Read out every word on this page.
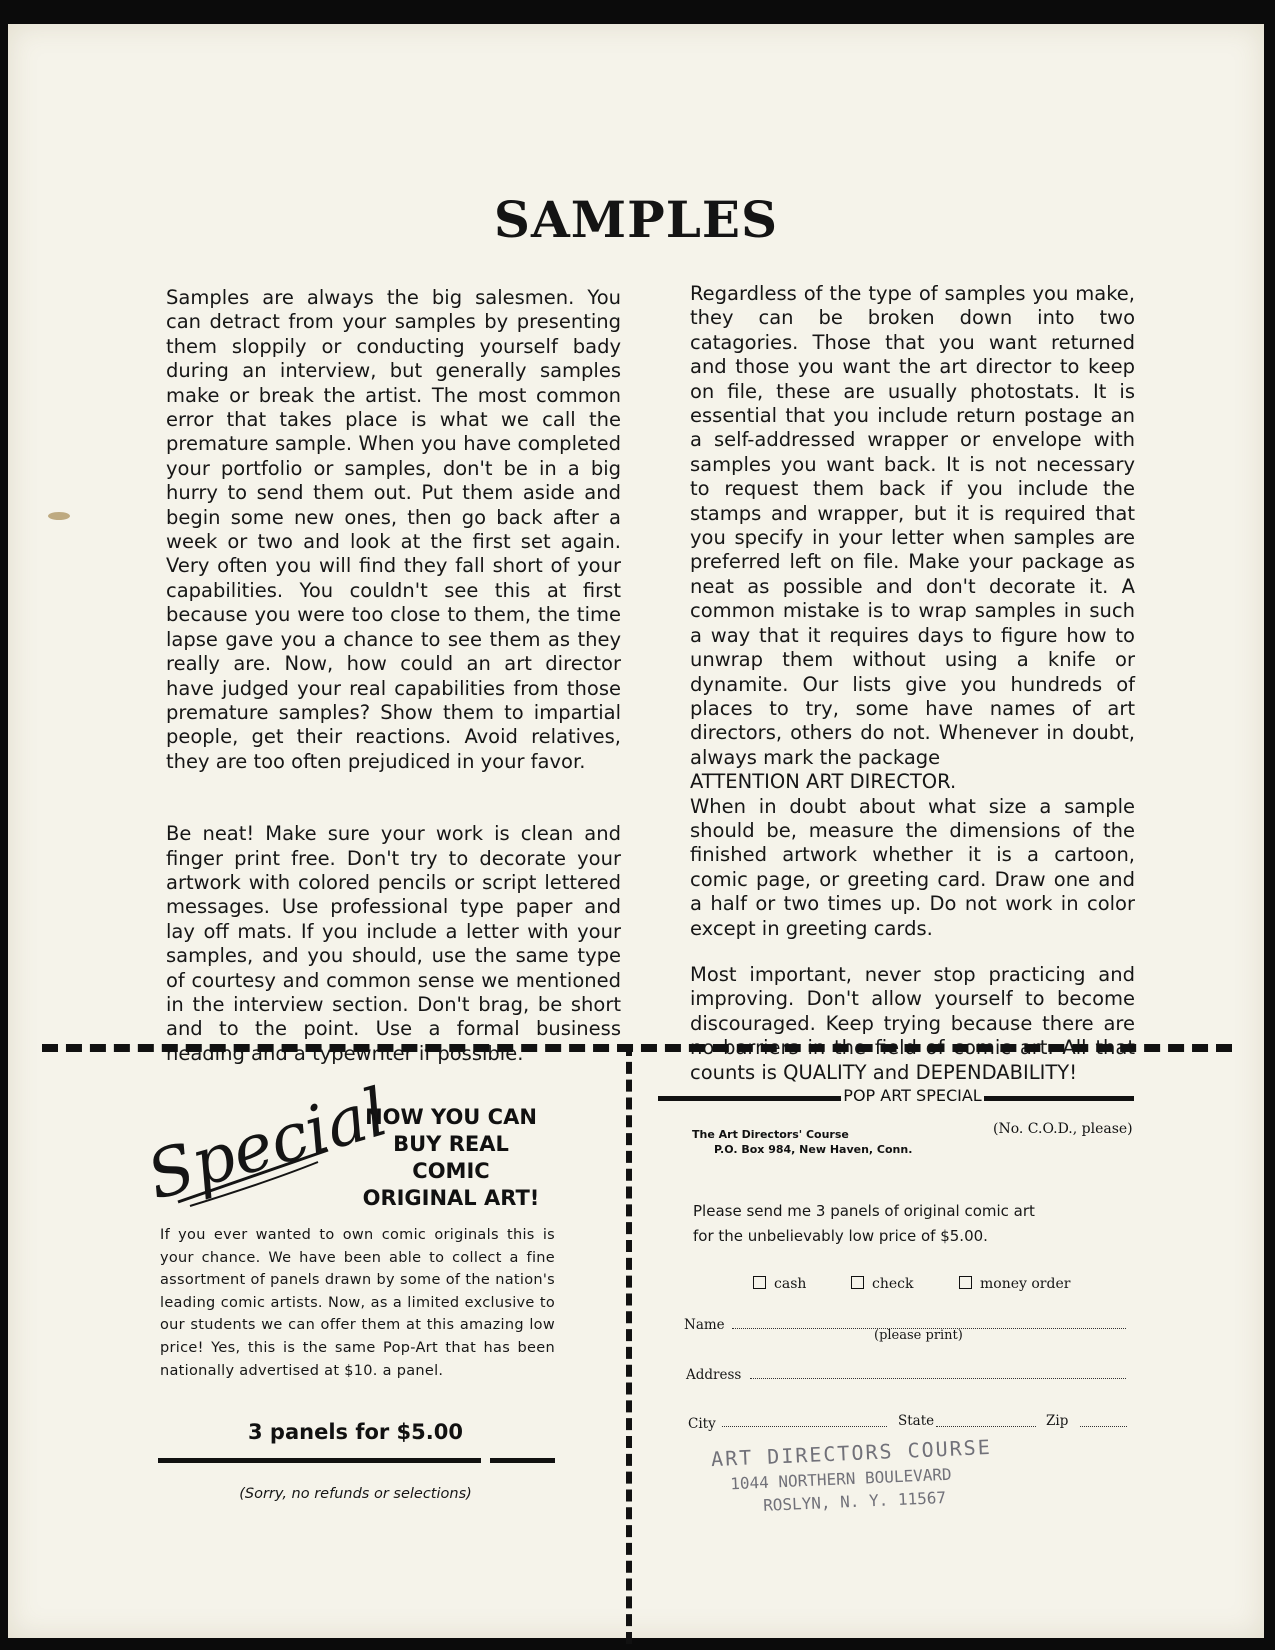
SAMPLES

Samples are always the big salesmen. You can detract from your samples by presenting them sloppily or conducting yourself bady during an interview, but generally samples make or break the artist. The most common error that takes place is what we call the premature sample. When you have completed your portfolio or samples, don't be in a big hurry to send them out. Put them aside and begin some new ones, then go back after a week or two and look at the first set again. Very often you will find they fall short of your capabilities. You couldn't see this at first because you were too close to them, the time lapse gave you a chance to see them as they really are. Now, how could an art director have judged your real capabilities from those premature samples? Show them to impartial people, get their reactions. Avoid relatives, they are too often prejudiced in your favor.

Be neat! Make sure your work is clean and finger print free. Don't try to decorate your artwork with colored pencils or script lettered messages. Use professional type paper and lay off mats. If you include a letter with your samples, and you should, use the same type of courtesy and common sense we mentioned in the interview section. Don't brag, be short and to the point. Use a formal business heading and a typewriter if possible.

Regardless of the type of samples you make, they can be broken down into two catagories. Those that you want returned and those you want the art director to keep on file, these are usually photostats. It is essential that you include return postage an a self-addressed wrapper or envelope with samples you want back. It is not necessary to request them back if you include the stamps and wrapper, but it is required that you specify in your letter when samples are preferred left on file. Make your package as neat as possible and don't decorate it. A common mistake is to wrap samples in such a way that it requires days to figure how to unwrap them without using a knife or dynamite. Our lists give you hundreds of places to try, some have names of art directors, others do not. Whenever in doubt, always mark the package

ATTENTION ART DIRECTOR.

When in doubt about what size a sample should be, measure the dimensions of the finished artwork whether it is a cartoon, comic page, or greeting card. Draw one and a half or two times up. Do not work in color except in greeting cards.

Most important, never stop practicing and improving. Don't allow yourself to become discouraged. Keep trying because there are no barriers in the field of comic art. All that counts is QUALITY and DEPENDABILITY!

Special
NOW YOU CAN
BUY REAL COMIC
ORIGINAL ART!
If you ever wanted to own comic originals this is your chance. We have been able to collect a fine assortment of panels drawn by some of the nation's leading comic artists. Now, as a limited exclusive to our students we can offer them at this amazing low price! Yes, this is the same Pop-Art that has been nationally advertised at $10. a panel.
3 panels for $5.00
(Sorry, no refunds or selections)
POP ART SPECIAL
The Art Directors' Course
P.O. Box 984, New Haven, Conn.
(No. C.O.D., please)
Please send me 3 panels of original comic art
for the unbelievably low price of $5.00.
cash	check	money order
Name
(please print)
Address
City	State	Zip
ART DIRECTORS COURSE
1044 NORTHERN BOULEVARD
ROSLYN, N. Y. 11567
